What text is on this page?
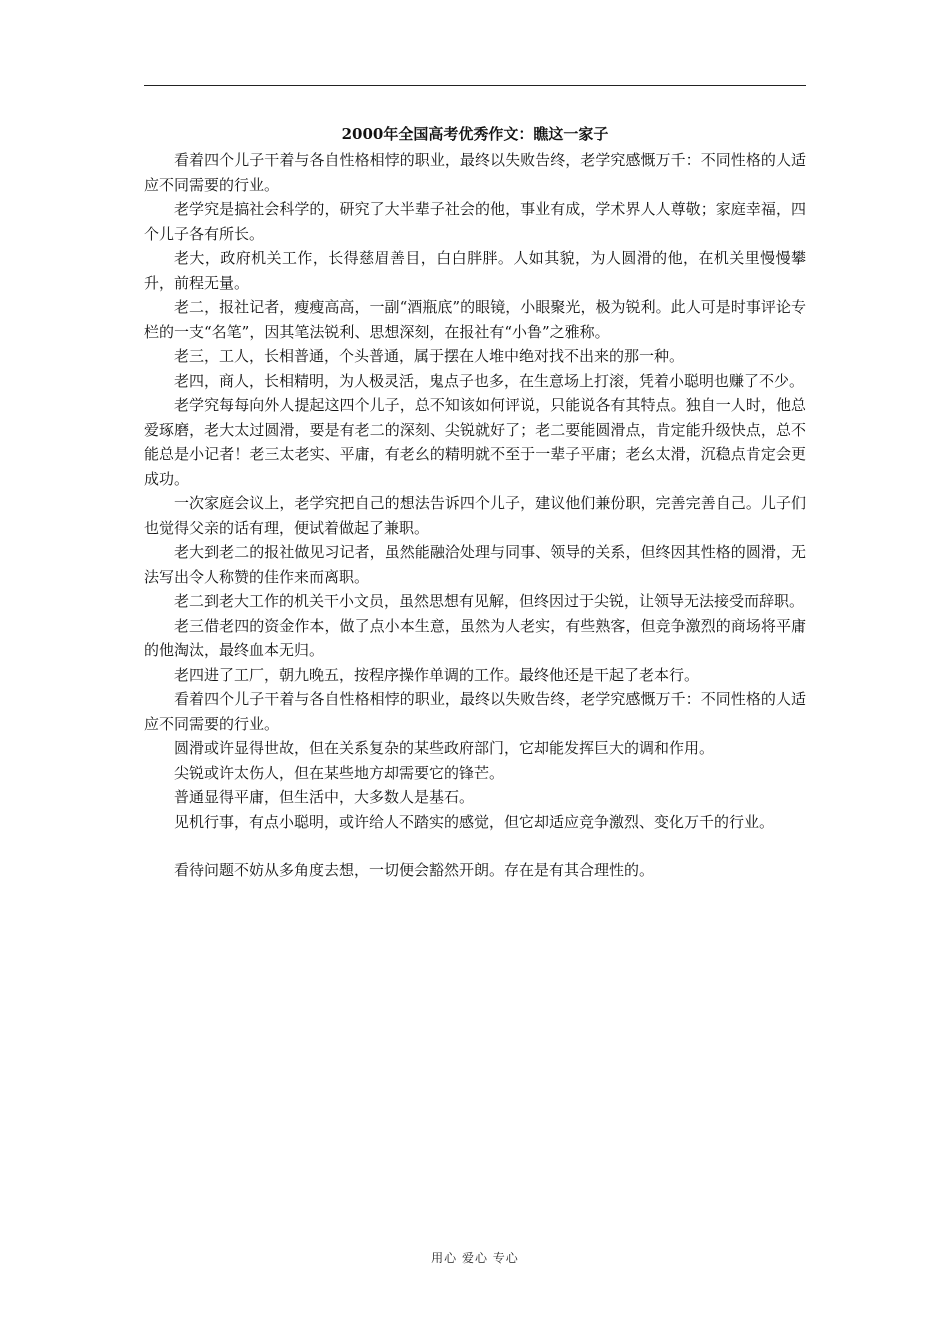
2000年全国高考优秀作文：瞧这一家子

看着四个儿子干着与各自性格相悖的职业，最终以失败告终，老学究感慨万千：不同性格的人适应不同需要的行业。

老学究是搞社会科学的，研究了大半辈子社会的他，事业有成，学术界人人尊敬；家庭幸福，四个儿子各有所长。

老大，政府机关工作，长得慈眉善目，白白胖胖。人如其貌，为人圆滑的他，在机关里慢慢攀升，前程无量。

老二，报社记者，瘦瘦高高，一副“酒瓶底”的眼镜，小眼聚光，极为锐利。此人可是时事评论专栏的一支“名笔”，因其笔法锐利、思想深刻，在报社有“小鲁”之雅称。

老三，工人，长相普通，个头普通，属于摆在人堆中绝对找不出来的那一种。

老四，商人，长相精明，为人极灵活，鬼点子也多，在生意场上打滚，凭着小聪明也赚了不少。

老学究每每向外人提起这四个儿子，总不知该如何评说，只能说各有其特点。独自一人时，他总爱琢磨，老大太过圆滑，要是有老二的深刻、尖锐就好了；老二要能圆滑点，肯定能升级快点，总不能总是小记者！老三太老实、平庸，有老幺的精明就不至于一辈子平庸；老幺太滑，沉稳点肯定会更成功。

一次家庭会议上，老学究把自己的想法告诉四个儿子，建议他们兼份职，完善完善自己。儿子们也觉得父亲的话有理，便试着做起了兼职。

老大到老二的报社做见习记者，虽然能融洽处理与同事、领导的关系，但终因其性格的圆滑，无法写出令人称赞的佳作来而离职。

老二到老大工作的机关干小文员，虽然思想有见解，但终因过于尖锐，让领导无法接受而辞职。

老三借老四的资金作本，做了点小本生意，虽然为人老实，有些熟客，但竞争激烈的商场将平庸的他淘汰，最终血本无归。

老四进了工厂，朝九晚五，按程序操作单调的工作。最终他还是干起了老本行。

看着四个儿子干着与各自性格相悖的职业，最终以失败告终，老学究感慨万千：不同性格的人适应不同需要的行业。

圆滑或许显得世故，但在关系复杂的某些政府部门，它却能发挥巨大的调和作用。

尖锐或许太伤人，但在某些地方却需要它的锋芒。

普通显得平庸，但生活中，大多数人是基石。

见机行事，有点小聪明，或许给人不踏实的感觉，但它却适应竞争激烈、变化万千的行业。

看待问题不妨从多角度去想，一切便会豁然开朗。存在是有其合理性的。

用心 爱心 专心
